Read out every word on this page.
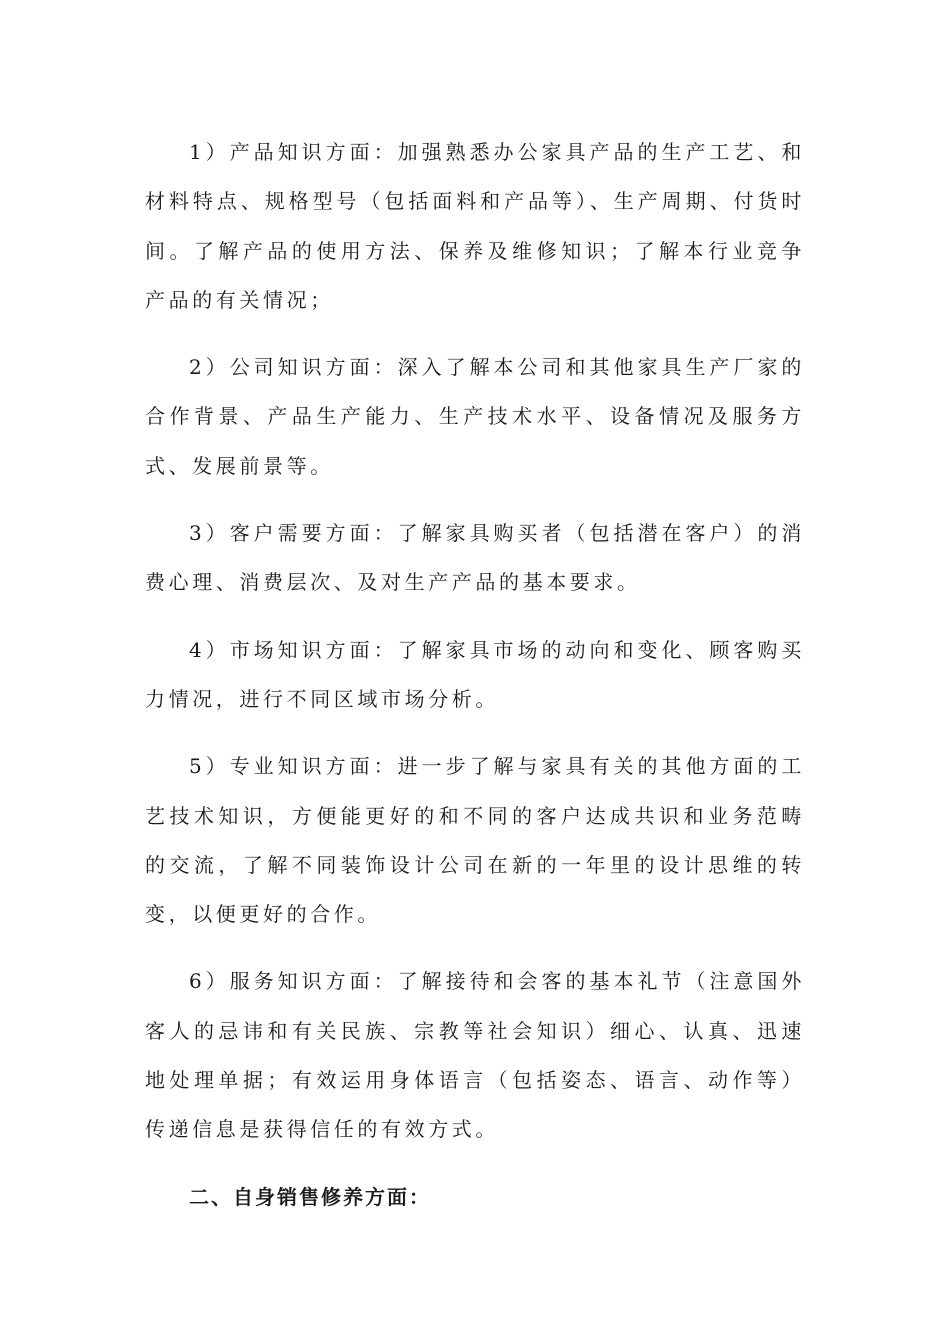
1）产品知识方面：加强熟悉办公家具产品的生产工艺、和材料特点、规格型号（包括面料和产品等）、生产周期、付货时间。了解产品的使用方法、保养及维修知识；了解本行业竞争产品的有关情况；

2）公司知识方面：深入了解本公司和其他家具生产厂家的合作背景、产品生产能力、生产技术水平、设备情况及服务方式、发展前景等。

3）客户需要方面：了解家具购买者（包括潜在客户）的消费心理、消费层次、及对生产产品的基本要求。

4）市场知识方面：了解家具市场的动向和变化、顾客购买力情况，进行不同区域市场分析。

5）专业知识方面：进一步了解与家具有关的其他方面的工艺技术知识，方便能更好的和不同的客户达成共识和业务范畴的交流，了解不同装饰设计公司在新的一年里的设计思维的转变，以便更好的合作。

6）服务知识方面：了解接待和会客的基本礼节（注意国外客人的忌讳和有关民族、宗教等社会知识）细心、认真、迅速地处理单据；有效运用身体语言（包括姿态、语言、动作等）传递信息是获得信任的有效方式。

二、自身销售修养方面：
